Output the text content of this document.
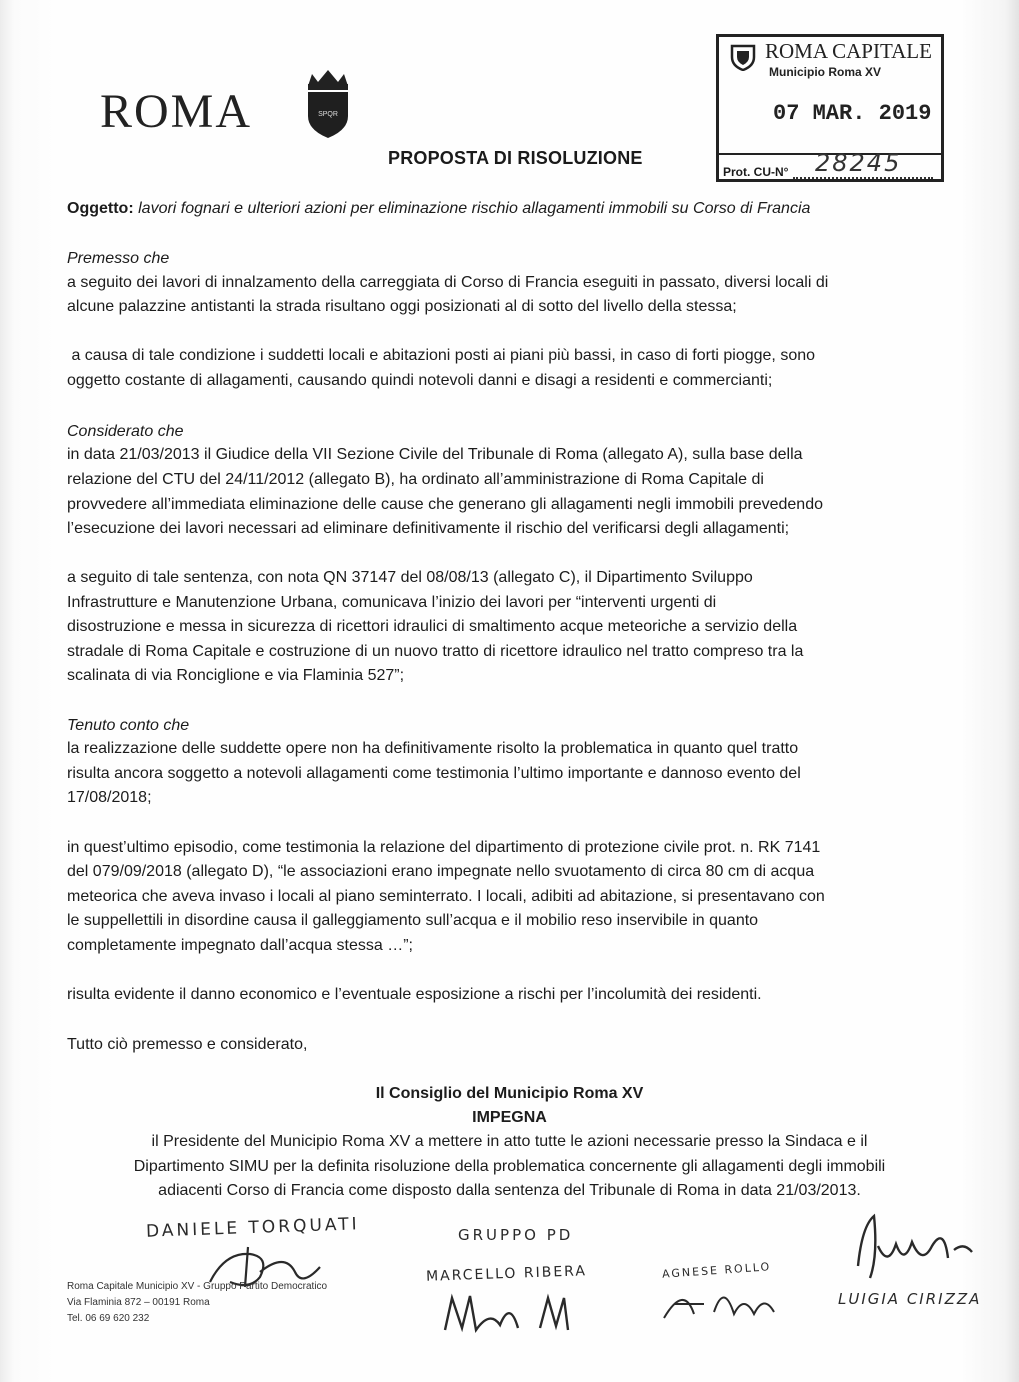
ROMA	SPQR
PROPOSTA DI RISOLUZIONE
ROMA CAPITALE
Municipio Roma XV
07 MAR. 2019
Prot. CU-N° 28245
Oggetto: lavori fognari e ulteriori azioni per eliminazione rischio allagamenti immobili su Corso di Francia
Premesso che
a seguito dei lavori di innalzamento della carreggiata di Corso di Francia eseguiti in passato, diversi locali di
alcune palazzine antistanti la strada risultano oggi posizionati al di sotto del livello della stessa;
a causa di tale condizione i suddetti locali e abitazioni posti ai piani più bassi, in caso di forti piogge, sono
oggetto costante di allagamenti, causando quindi notevoli danni e disagi a residenti e commercianti;
Considerato che
in data 21/03/2013 il Giudice della VII Sezione Civile del Tribunale di Roma (allegato A), sulla base della
relazione del CTU del 24/11/2012 (allegato B), ha ordinato all’amministrazione di Roma Capitale di
provvedere all’immediata eliminazione delle cause che generano gli allagamenti negli immobili prevedendo
l’esecuzione dei lavori necessari ad eliminare definitivamente il rischio del verificarsi degli allagamenti;
a seguito di tale sentenza, con nota QN 37147 del 08/08/13 (allegato C), il Dipartimento Sviluppo
Infrastrutture e Manutenzione Urbana, comunicava l’inizio dei lavori per “interventi urgenti di
disostruzione e messa in sicurezza di ricettori idraulici di smaltimento acque meteoriche a servizio della
stradale di Roma Capitale e costruzione di un nuovo tratto di ricettore idraulico nel tratto compreso tra la
scalinata di via Ronciglione e via Flaminia 527”;
Tenuto conto che
la realizzazione delle suddette opere non ha definitivamente risolto la problematica in quanto quel tratto
risulta ancora soggetto a notevoli allagamenti come testimonia l’ultimo importante e dannoso evento del
17/08/2018;
in quest’ultimo episodio, come testimonia la relazione del dipartimento di protezione civile prot. n. RK 7141
del 079/09/2018 (allegato D), “le associazioni erano impegnate nello svuotamento di circa 80 cm di acqua
meteorica che aveva invaso i locali al piano seminterrato. I locali, adibiti ad abitazione, si presentavano con
le suppellettili in disordine causa il galleggiamento sull’acqua e il mobilio reso inservibile in quanto
completamente impegnato dall’acqua stessa …”;
risulta evidente il danno economico e l’eventuale esposizione a rischi per l’incolumità dei residenti.
Tutto ciò premesso e considerato,
Il Consiglio del Municipio Roma XV
IMPEGNA
il Presidente del Municipio Roma XV a mettere in atto tutte le azioni necessarie presso la Sindaca e il
Dipartimento SIMU per la definita risoluzione della problematica concernente gli allagamenti degli immobili
adiacenti Corso di Francia come disposto dalla sentenza del Tribunale di Roma in data 21/03/2013.
DANIELE TORQUATI	GRUPPO PD
MARCELLO RIBERA	AGNESE ROLLO
LUIGIA CIRIZZA
Roma Capitale Municipio XV - Gruppo Partito Democratico
Via Flaminia 872 – 00191 Roma
Tel. 06 69 620 232
